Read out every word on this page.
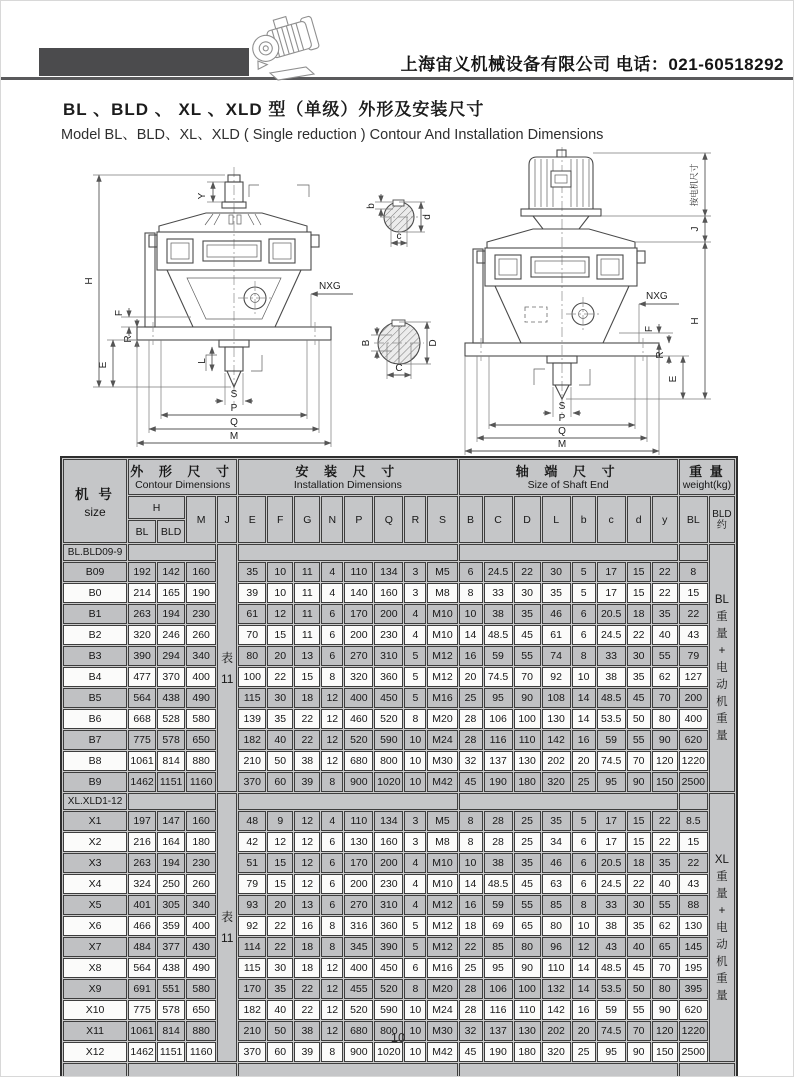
上海宙义机械设备有限公司 电话：021-60518292
BL 、BLD 、 XL 、XLD 型（单级）外形及安装尺寸
Model BL、BLD、XL、XLD ( Single reduction ) Contour And Installation Dimensions
Y
H
F
R
E
NXG
L
S
P
Q
M
b
d
c
B	D
C
按电机尺寸
J
H
NXG
F
R
E
S
P
Q
M
机 号
size

外 形 尺 寸
Contour Dimensions

安 装 尺 寸
Installation Dimensions

轴 端 尺 寸
Size of Shaft End

重 量
weight(kg)

	H		M	J	E	F	G	N	P	Q	R	S	B	C	D	L	b	c	d	y	BL	BLD
约

	BL	BLD																				
BL.BLD09-9		
表
11

BL
重
量
+
电
动
机
重
量

B09	192	142	160		35	10	11	4	110	134	3	M5	6	24.5	22	30	5	17	15	22	8	
B0	214	165	190		39	10	11	4	140	160	3	M8	8	33	30	35	5	17	15	22	15	
B1	263	194	230		61	12	11	6	170	200	4	M10	10	38	35	46	6	20.5	18	35	22	
B2	320	246	260		70	15	11	6	200	230	4	M10	14	48.5	45	61	6	24.5	22	40	43	
B3	390	294	340		80	20	13	6	270	310	5	M12	16	59	55	74	8	33	30	55	79	
B4	477	370	400		100	22	15	8	320	360	5	M12	20	74.5	70	92	10	38	35	62	127	
B5	564	438	490		115	30	18	12	400	450	5	M16	25	95	90	108	14	48.5	45	70	200	
B6	668	528	580		139	35	22	12	460	520	8	M20	28	106	100	130	14	53.5	50	80	400	
B7	775	578	650		182	40	22	12	520	590	10	M24	28	116	110	142	16	59	55	90	620	
B8	1061	814	880		210	50	38	12	680	800	10	M30	32	137	130	202	20	74.5	70	120	1220	
B9	1462	1151	1160		370	60	39	8	900	1020	10	M42	45	190	180	320	25	95	90	150	2500	
XL.XLD1-12		
表
11

XL
重
量
+
电
动
机
重
量

X1	197	147	160		48	9	12	4	110	134	3	M5	8	28	25	35	5	17	15	22	8.5	
X2	216	164	180		42	12	12	6	130	160	3	M8	8	28	25	34	6	17	15	22	15	
X3	263	194	230		51	15	12	6	170	200	4	M10	10	38	35	46	6	20.5	18	35	22	
X4	324	250	260		79	15	12	6	200	230	4	M10	14	48.5	45	63	6	24.5	22	40	43	
X5	401	305	340		93	20	13	6	270	310	4	M12	16	59	55	85	8	33	30	55	88	
X6	466	359	400		92	22	16	8	316	360	5	M12	18	69	65	80	10	38	35	62	130	
X7	484	377	430		114	22	18	8	345	390	5	M12	22	85	80	96	12	43	40	65	145	
X8	564	438	490		115	30	18	12	400	450	6	M16	25	95	90	110	14	48.5	45	70	195	
X9	691	551	580		170	35	22	12	455	520	8	M20	28	106	100	132	14	53.5	50	80	395	
X10	775	578	650		182	40	22	12	520	590	10	M24	28	116	110	142	16	59	55	90	620	
X11	1061	814	880		210	50	38	12	680	800	10	M30	32	137	130	202	20	74.5	70	120	1220	
X12	1462	1151	1160		370	60	39	8	900	1020	10	M42	45	190	180	320	25	95	90	150	2500	

10
